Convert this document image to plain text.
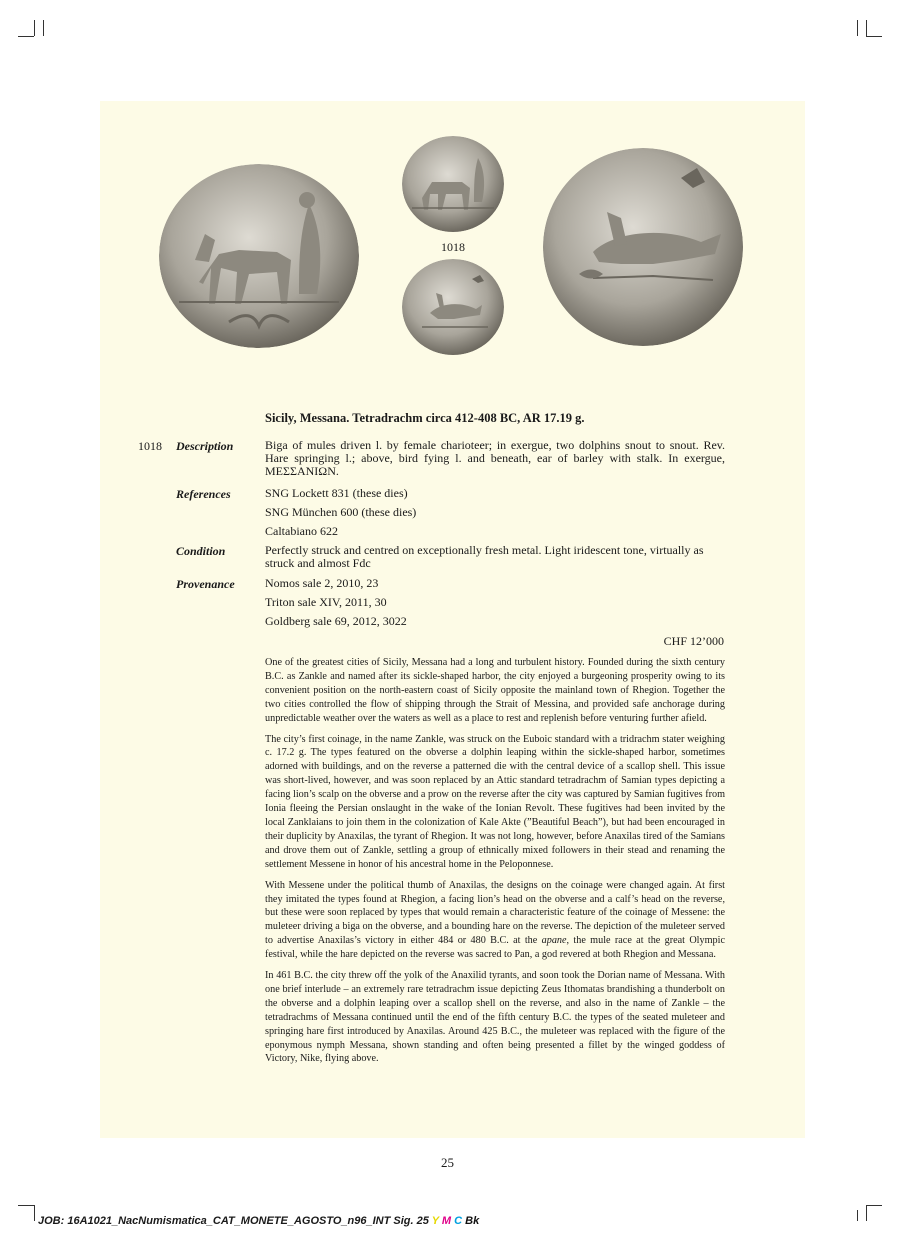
1018
Sicily, Messana. Tetradrachm circa 412-408 BC, AR 17.19 g.
1018 Description	Biga of mules driven l. by female charioteer; in exergue, two dolphins snout to snout. Rev. Hare springing l.; above, bird fying l. and beneath, ear of barley with stalk. In exergue, ΜΕΣΣΑΝΙΩΝ.
References	SNG Lockett 831 (these dies)
SNG München 600 (these dies)
Caltabiano 622
Condition	Perfectly struck and centred on exceptionally fresh metal. Light iridescent tone, virtually as struck and almost Fdc
Provenance	Nomos sale 2, 2010, 23
Triton sale XIV, 2011, 30
Goldberg sale 69, 2012, 3022
CHF 12’000

One of the greatest cities of Sicily, Messana had a long and turbulent history. Founded during the sixth century B.C. as Zankle and named after its sickle-shaped harbor, the city enjoyed a burgeoning prosperity owing to its convenient position on the north-eastern coast of Sicily opposite the mainland town of Rhegion. Together the two cities controlled the flow of shipping through the Strait of Messina, and provided safe anchorage during unpredictable weather over the waters as well as a place to rest and replenish before venturing further afield.

The city’s first coinage, in the name Zankle, was struck on the Euboic standard with a tridrachm stater weighing c. 17.2 g. The types featured on the obverse a dolphin leaping within the sickle-shaped harbor, sometimes adorned with buildings, and on the reverse a patterned die with the central device of a scallop shell. This issue was short-lived, however, and was soon replaced by an Attic standard tetradrachm of Samian types depicting a facing lion’s scalp on the obverse and a prow on the reverse after the city was captured by Samian fugitives from Ionia fleeing the Persian onslaught in the wake of the Ionian Revolt. These fugitives had been invited by the local Zanklaians to join them in the colonization of Kale Akte (”Beautiful Beach”), but had been encouraged in their duplicity by Anaxilas, the tyrant of Rhegion. It was not long, however, before Anaxilas tired of the Samians and drove them out of Zankle, settling a group of ethnically mixed followers in their stead and renaming the settlement Messene in honor of his ancestral home in the Peloponnese.

With Messene under the political thumb of Anaxilas, the designs on the coinage were changed again. At first they imitated the types found at Rhegion, a facing lion’s head on the obverse and a calf’s head on the reverse, but these were soon replaced by types that would remain a characteristic feature of the coinage of Messene: the muleteer driving a biga on the obverse, and a bounding hare on the reverse. The depiction of the muleteer served to advertise Anaxilas’s victory in either 484 or 480 B.C. at the apane, the mule race at the great Olympic festival, while the hare depicted on the reverse was sacred to Pan, a god revered at both Rhegion and Messana.

In 461 B.C. the city threw off the yolk of the Anaxilid tyrants, and soon took the Dorian name of Messana. With one brief interlude – an extremely rare tetradrachm issue depicting Zeus Ithomatas brandishing a thunderbolt on the obverse and a dolphin leaping over a scallop shell on the reverse, and also in the name of Zankle – the tetradrachms of Messana continued until the end of the fifth century B.C. the types of the seated muleteer and springing hare first introduced by Anaxilas. Around 425 B.C., the muleteer was replaced with the figure of the eponymous nymph Messana, shown standing and often being presented a fillet by the winged goddess of Victory, Nike, flying above.

25
JOB: 16A1021_NacNumismatica_CAT_MONETE_AGOSTO_n96_INT Sig. 25 Y M C Bk
